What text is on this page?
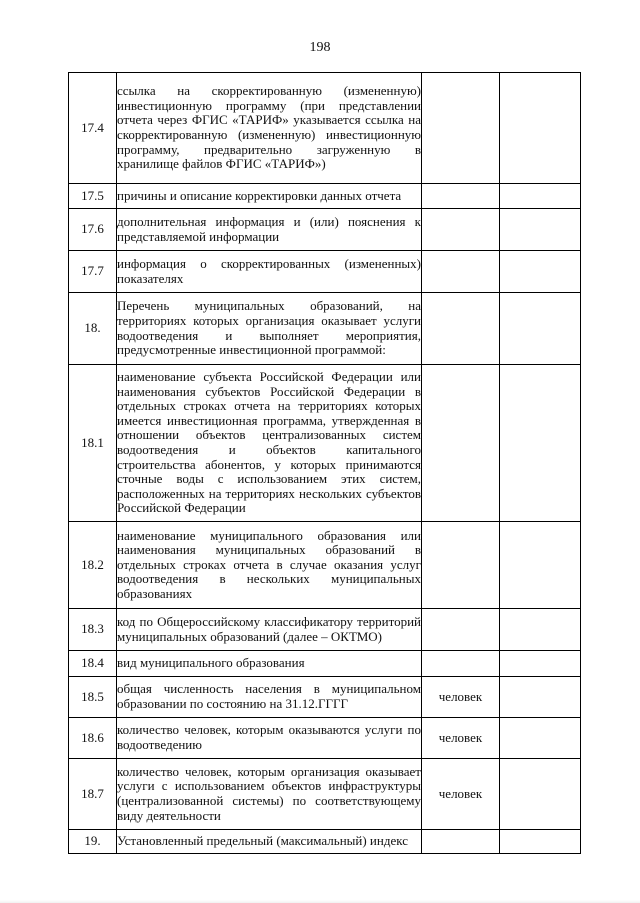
198
17.4	ссылка на скорректированную (измененную) инвестиционную программу (при представлении отчета через ФГИС «ТАРИФ» указывается ссылка на скорректированную (измененную) инвестиционную программу, предварительно загруженную в хранилище файлов ФГИС «ТАРИФ»)		
17.5	причины и описание корректировки данных отчета		
17.6	дополнительная информация и (или) пояснения к представляемой информации		
17.7	информация о скорректированных (измененных) показателях		
18.	Перечень муниципальных образований, на территориях которых организация оказывает услуги водоотведения и выполняет мероприятия, предусмотренные инвестиционной программой:		
18.1	наименование субъекта Российской Федерации или наименования субъектов Российской Федерации в отдельных строках отчета на территориях которых имеется инвестиционная программа, утвержденная в отношении объектов централизованных систем водоотведения и объектов капитального строительства абонентов, у которых принимаются сточные воды с использованием этих систем, расположенных на территориях нескольких субъектов Российской Федерации		
18.2	наименование муниципального образования или наименования муниципальных образований в отдельных строках отчета в случае оказания услуг водоотведения в нескольких муниципальных образованиях		
18.3	код по Общероссийскому классификатору территорий муниципальных образований (далее – ОКТМО)		
18.4	вид муниципального образования		
18.5	общая численность населения в муниципальном образовании по состоянию на 31.12.ГГГГ	человек	
18.6	количество человек, которым оказываются услуги по водоотведению	человек	
18.7	количество человек, которым организация оказывает услуги с использованием объектов инфраструктуры (централизованной системы) по соответствующему виду деятельности	человек	
19.	Установленный предельный (максимальный) индекс		
